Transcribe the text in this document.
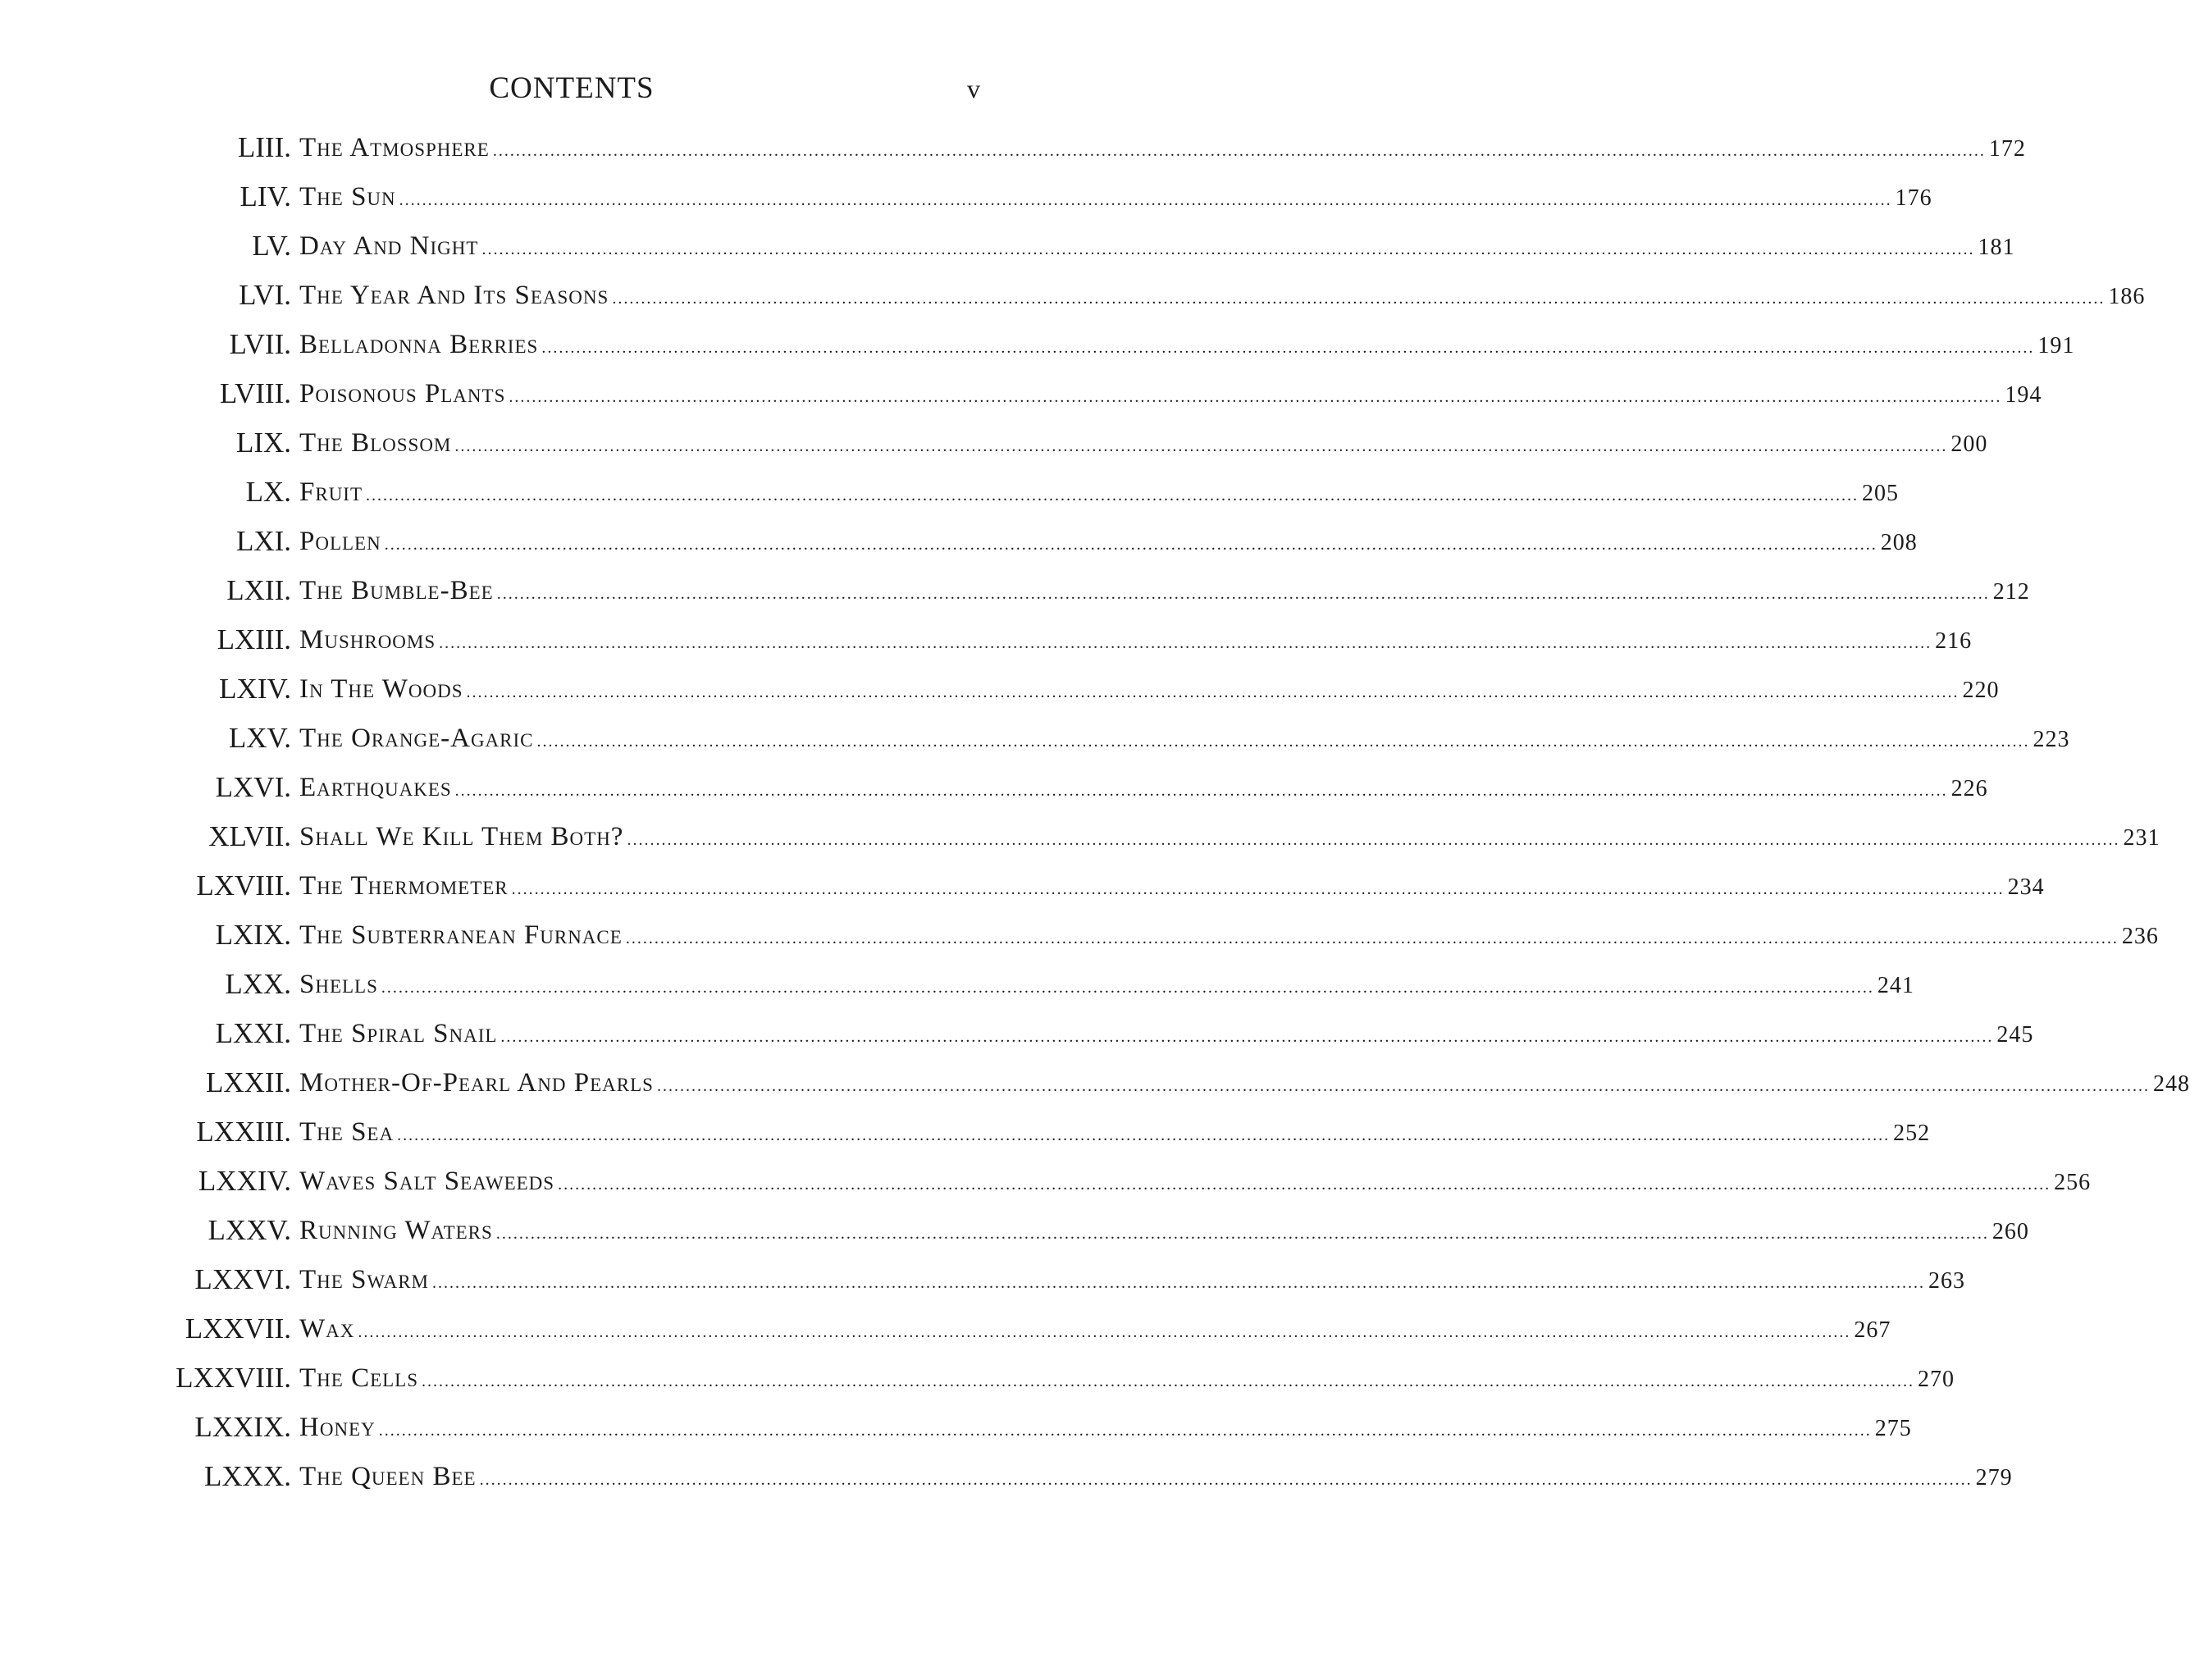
CONTENTS	v
LIII. The Atmosphere .................................................................................................................................................................................................................................................................... 172
LIV. The Sun .................................................................................................................................................................................................................................................................... 176
LV. Day And Night .................................................................................................................................................................................................................................................................... 181
LVI. The Year And Its Seasons .................................................................................................................................................................................................................................................................... 186
LVII. Belladonna Berries .................................................................................................................................................................................................................................................................... 191
LVIII. Poisonous Plants .................................................................................................................................................................................................................................................................... 194
LIX. The Blossom .................................................................................................................................................................................................................................................................... 200
LX. Fruit .................................................................................................................................................................................................................................................................... 205
LXI. Pollen .................................................................................................................................................................................................................................................................... 208
LXII. The Bumble-Bee .................................................................................................................................................................................................................................................................... 212
LXIII. Mushrooms .................................................................................................................................................................................................................................................................... 216
LXIV. In The Woods .................................................................................................................................................................................................................................................................... 220
LXV. The Orange-Agaric .................................................................................................................................................................................................................................................................... 223
LXVI. Earthquakes .................................................................................................................................................................................................................................................................... 226
XLVII. Shall We Kill Them Both? .................................................................................................................................................................................................................................................................... 231
LXVIII. The Thermometer .................................................................................................................................................................................................................................................................... 234
LXIX. The Subterranean Furnace .................................................................................................................................................................................................................................................................... 236
LXX. Shells .................................................................................................................................................................................................................................................................... 241
LXXI. The Spiral Snail .................................................................................................................................................................................................................................................................... 245
LXXII. Mother-Of-Pearl And Pearls .................................................................................................................................................................................................................................................................... 248
LXXIII. The Sea .................................................................................................................................................................................................................................................................... 252
LXXIV. Waves Salt Seaweeds .................................................................................................................................................................................................................................................................... 256
LXXV. Running Waters .................................................................................................................................................................................................................................................................... 260
LXXVI. The Swarm .................................................................................................................................................................................................................................................................... 263
LXXVII. Wax .................................................................................................................................................................................................................................................................... 267
LXXVIII. The Cells .................................................................................................................................................................................................................................................................... 270
LXXIX. Honey .................................................................................................................................................................................................................................................................... 275
LXXX. The Queen Bee .................................................................................................................................................................................................................................................................... 279
